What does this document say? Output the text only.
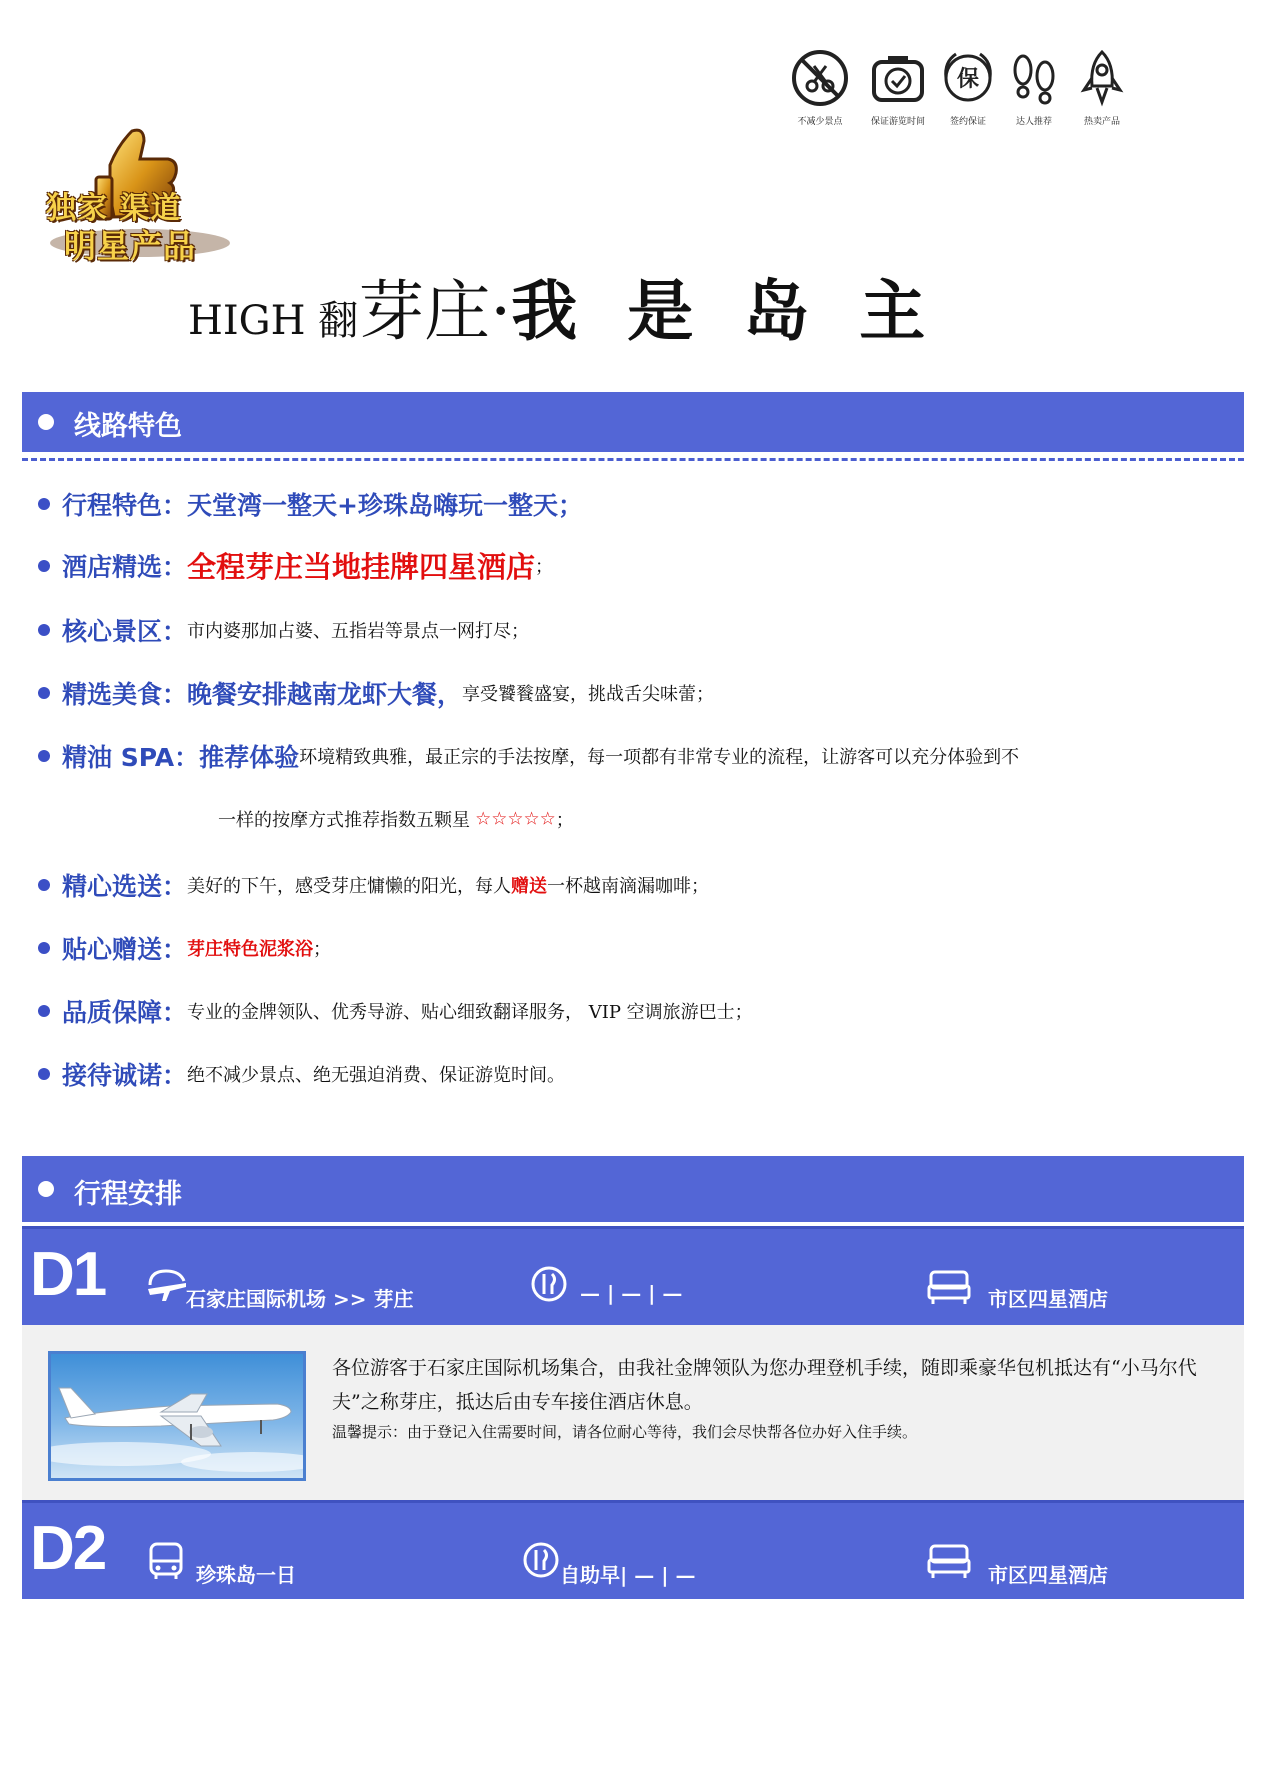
不减少景点	保证游览时间
保
签约保证	达人推荐	热卖产品
独家 渠道
明星产品
HIGH 翻芽庄·我是岛主
线路特色
行程特色：天堂湾一整天+珍珠岛嗨玩一整天；
酒店精选：全程芽庄当地挂牌四星酒店；
核心景区：市内婆那加占婆、五指岩等景点一网打尽；
精选美食：晚餐安排越南龙虾大餐，享受饕餮盛宴，挑战舌尖味蕾；
精油 SPA：推荐体验环境精致典雅，最正宗的手法按摩，每一项都有非常专业的流程，让游客可以充分体验到不
一样的按摩方式推荐指数五颗星 ☆☆☆☆☆；
精心选送：美好的下午，感受芽庄慵懒的阳光，每人赠送一杯越南滴漏咖啡；
贴心赠送：芽庄特色泥浆浴；
品质保障：专业的金牌领队、优秀导游、贴心细致翻译服务， VIP 空调旅游巴士；
接待诚诺：绝不减少景点、绝无强迫消费、保证游览时间。
行程安排
D1	石家庄国际机场 >> 芽庄	— | — | —	市区四星酒店

各位游客于石家庄国际机场集合，由我社金牌领队为您办理登机手续，随即乘豪华包机抵达有“小马尔代夫”之称芽庄，抵达后由专车接住酒店休息。

温馨提示：由于登记入住需要时间，请各位耐心等待，我们会尽快帮各位办好入住手续。

D2	珍珠岛一日	自助早| — | —	市区四星酒店
